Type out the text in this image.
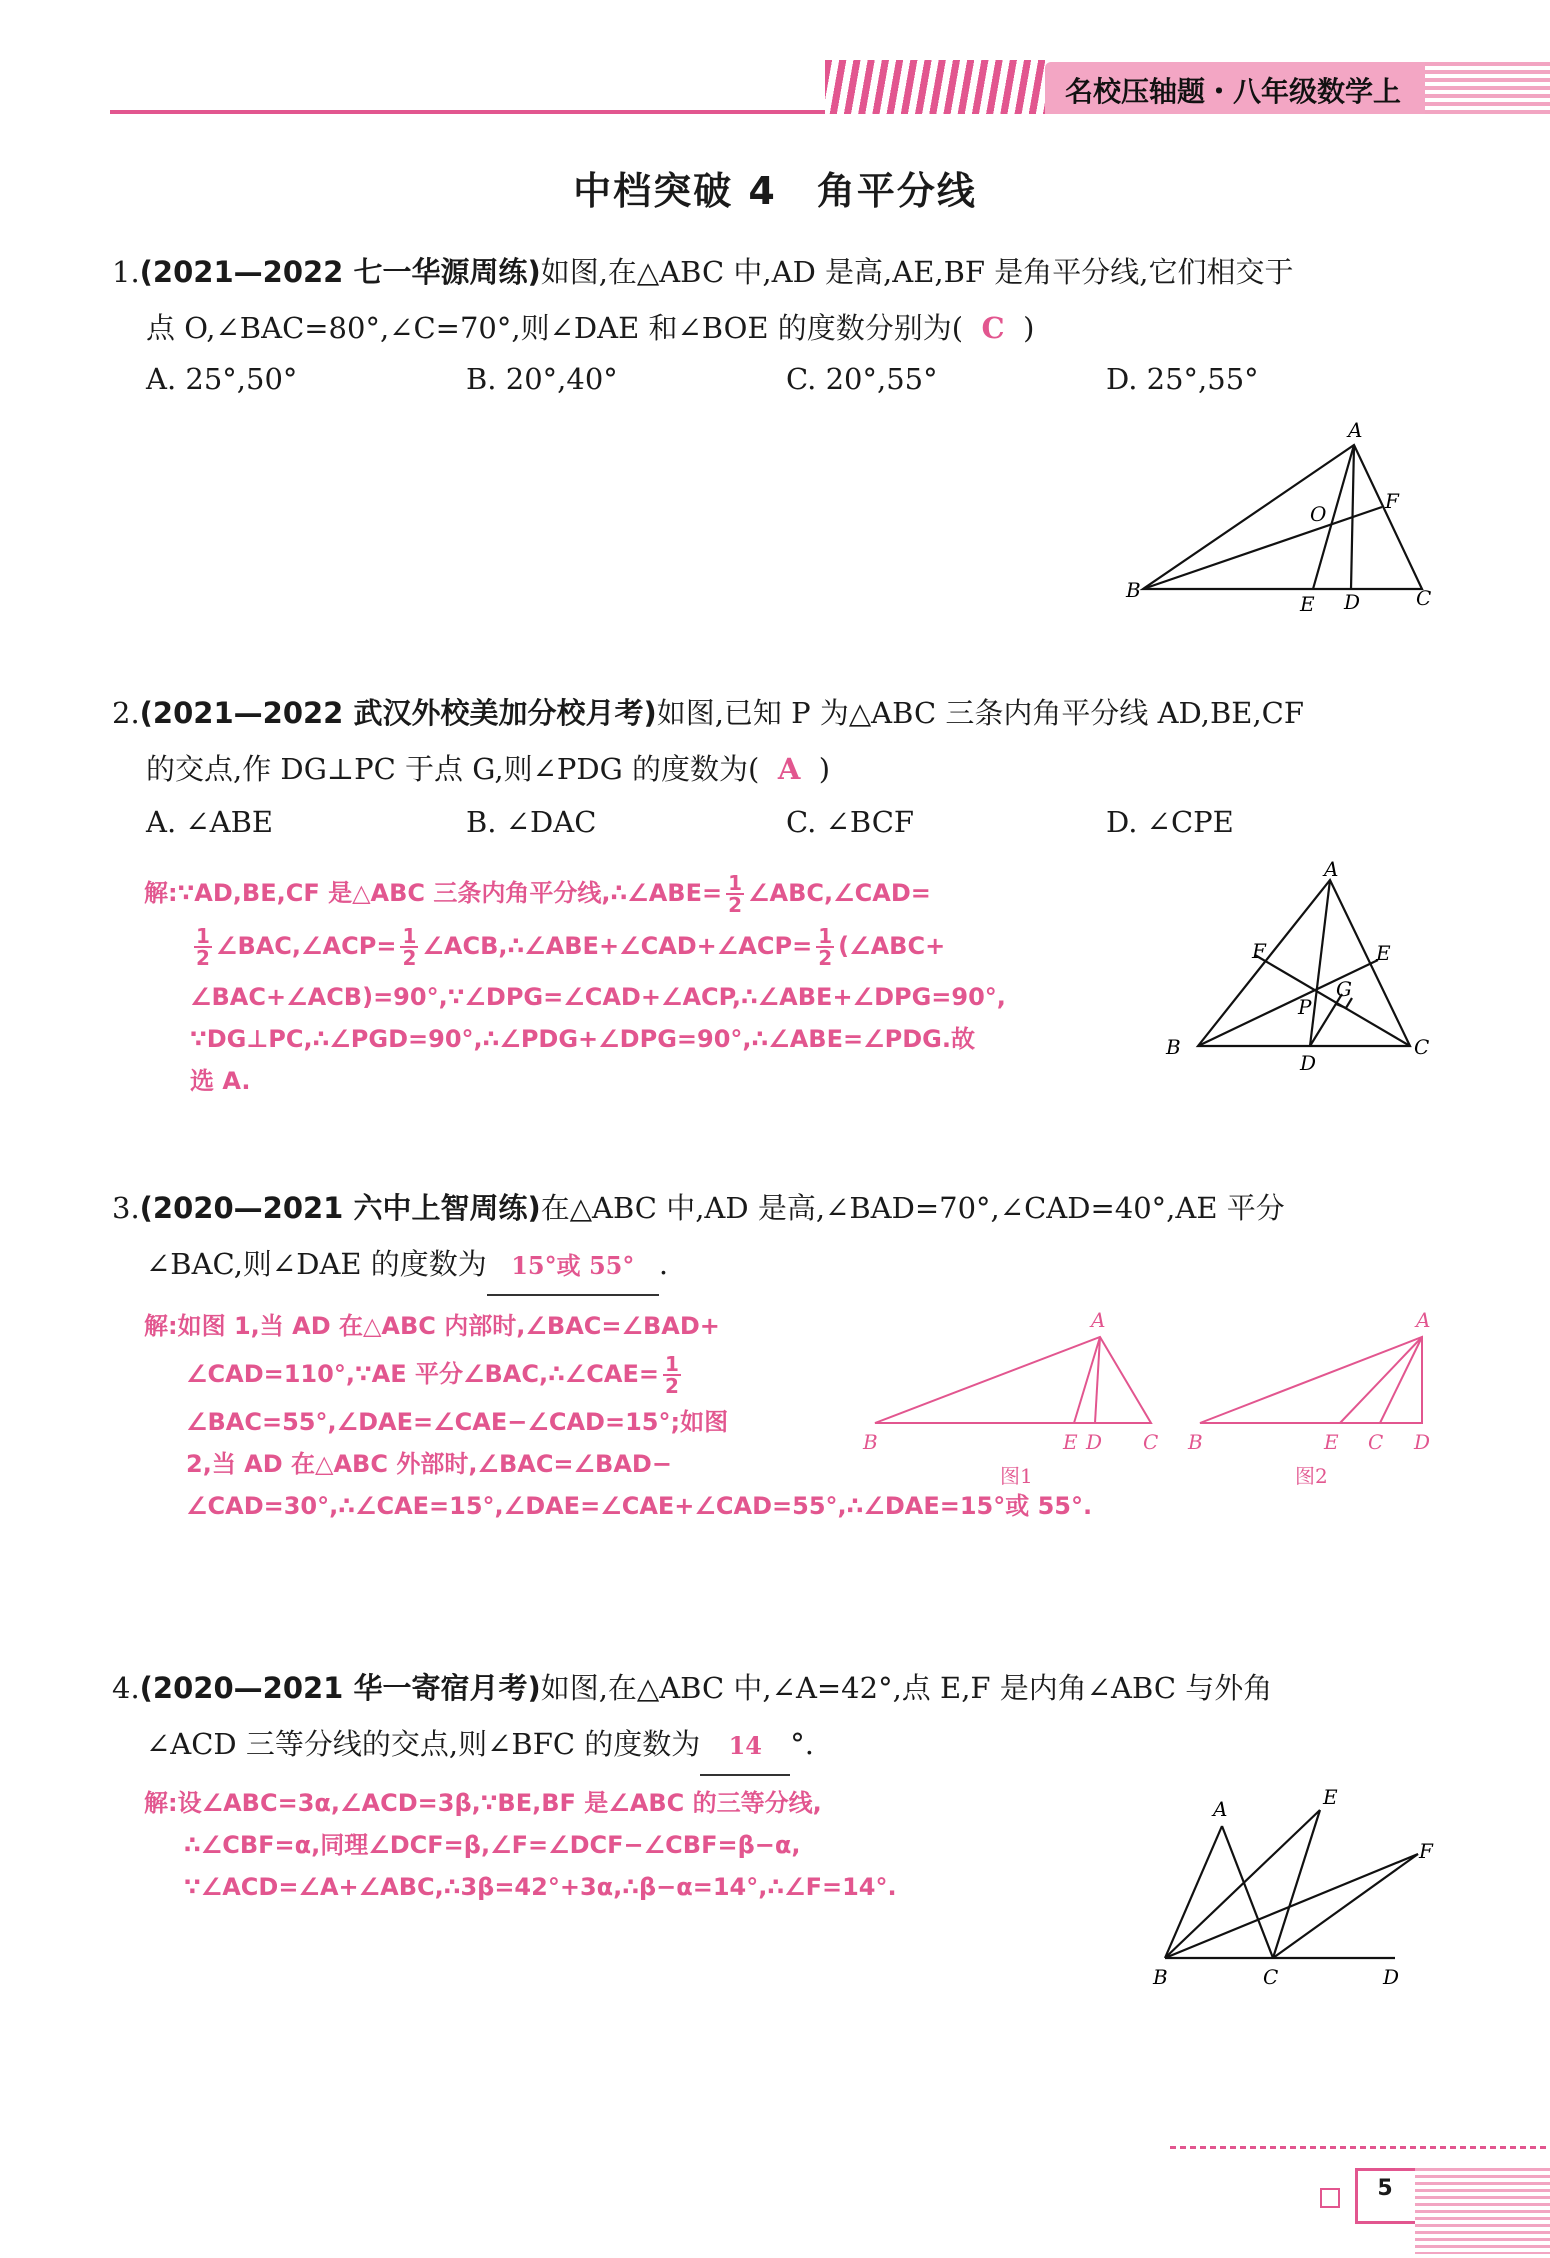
名校压轴题・八年级数学上
中档突破 4　角平分线
1.(2021—2022 七一华源周练)如图,在△ABC 中,AD 是高,AE,BF 是角平分线,它们相交于
点 O,∠BAC=80°,∠C=70°,则∠DAE 和∠BOE 的度数分别为( C )
A. 25°,50°	B. 20°,40°	C. 20°,55°	D. 25°,55°
A
O
F
B
E D	C
2.(2021—2022 武汉外校美加分校月考)如图,已知 P 为△ABC 三条内角平分线 AD,BE,CF
的交点,作 DG⊥PC 于点 G,则∠PDG 的度数为( A )
A. ∠ABE	B. ∠DAC	C. ∠BCF	D. ∠CPE
解:∵AD,BE,CF 是△ABC 三条内角平分线,∴∠ABE= $\frac{1}{2}$ ∠ABC,∠CAD=
$\frac{1}{2}$ ∠BAC,∠ACP= $\frac{1}{2}$ ∠ACB,∴∠ABE+∠CAD+∠ACP= $\frac{1}{2}$ (∠ABC+
∠BAC+∠ACB)=90°,∵∠DPG=∠CAD+∠ACP,∴∠ABE+∠DPG=90°,
∵DG⊥PC,∴∠PGD=90°,∴∠PDG+∠DPG=90°,∴∠ABE=∠PDG.故
选 A.
A
F	E
G
P
B
D
C
3.(2020—2021 六中上智周练)在△ABC 中,AD 是高,∠BAD=70°,∠CAD=40°,AE 平分
∠BAC,则∠DAE 的度数为 15°或 55° .
解:如图 1,当 AD 在△ABC 内部时,∠BAC=∠BAD+
∠CAD=110°,∵AE 平分∠BAC,∴∠CAE= $\frac{1}{2}$
∠BAC=55°,∠DAE=∠CAE−∠CAD=15°;如图
2,当 AD 在△ABC 外部时,∠BAC=∠BAD−
∠CAD=30°,∴∠CAE=15°,∠DAE=∠CAE+∠CAD=55°,∴∠DAE=15°或 55°.
A
B	E D C
图1
A
B	E C D
图2
4.(2020—2021 华一寄宿月考)如图,在△ABC 中,∠A=42°,点 E,F 是内角∠ABC 与外角
∠ACD 三等分线的交点,则∠BFC 的度数为 14 °.
解:设∠ABC=3α,∠ACD=3β,∵BE,BF 是∠ABC 的三等分线,
∴∠CBF=α,同理∠DCF=β,∠F=∠DCF−∠CBF=β−α,
∵∠ACD=∠A+∠ABC,∴3β=42°+3α,∴β−α=14°,∴∠F=14°.
A	E
F
B	C	D
5
